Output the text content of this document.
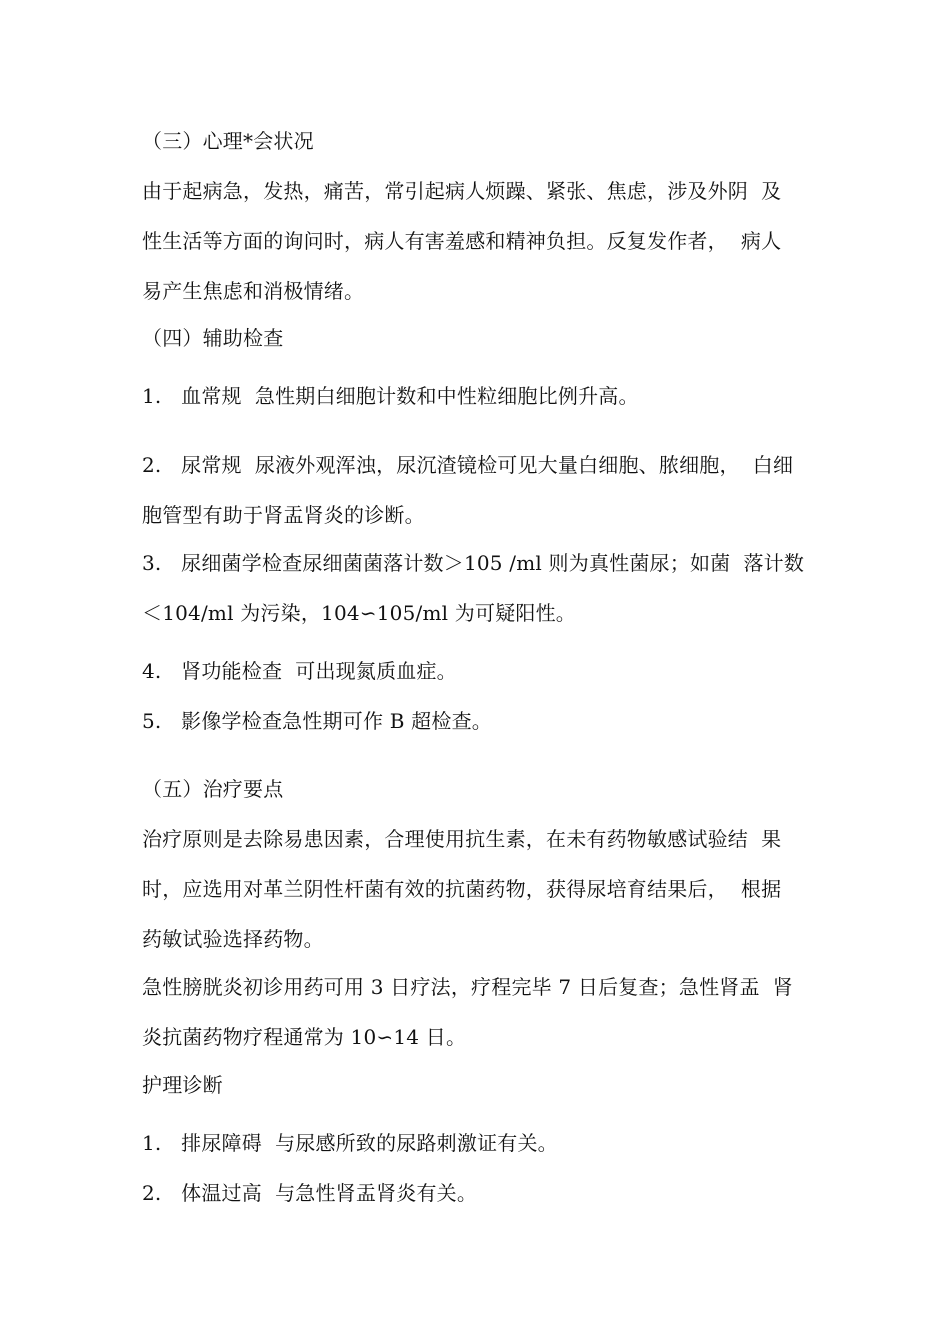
（三）心理*会状况
由于起病急，发热，痛苦，常引起病人烦躁、紧张、焦虑，涉及外阴  及
性生活等方面的询问时，病人有害羞感和精神负担。反复发作者，  病人
易产生焦虑和消极情绪。
（四）辅助检查
1.   血常规  急性期白细胞计数和中性粒细胞比例升高。
2.   尿常规  尿液外观浑浊，尿沉渣镜检可见大量白细胞、脓细胞，  白细
胞管型有助于肾盂肾炎的诊断。
3.   尿细菌学检查尿细菌菌落计数＞105 /ml 则为真性菌尿；如菌  落计数
＜104/ml 为污染，104∽105/ml 为可疑阳性。
4.   肾功能检查  可出现氮质血症。
5.   影像学检查急性期可作 B 超检查。
（五）治疗要点
治疗原则是去除易患因素，合理使用抗生素，在未有药物敏感试验结  果
时，应选用对革兰阴性杆菌有效的抗菌药物，获得尿培育结果后，  根据
药敏试验选择药物。
急性膀胱炎初诊用药可用 3 日疗法，疗程完毕 7 日后复查；急性肾盂  肾
炎抗菌药物疗程通常为 10∽14 日。
护理诊断
1.   排尿障碍  与尿感所致的尿路刺激证有关。
2.   体温过高  与急性肾盂肾炎有关。
